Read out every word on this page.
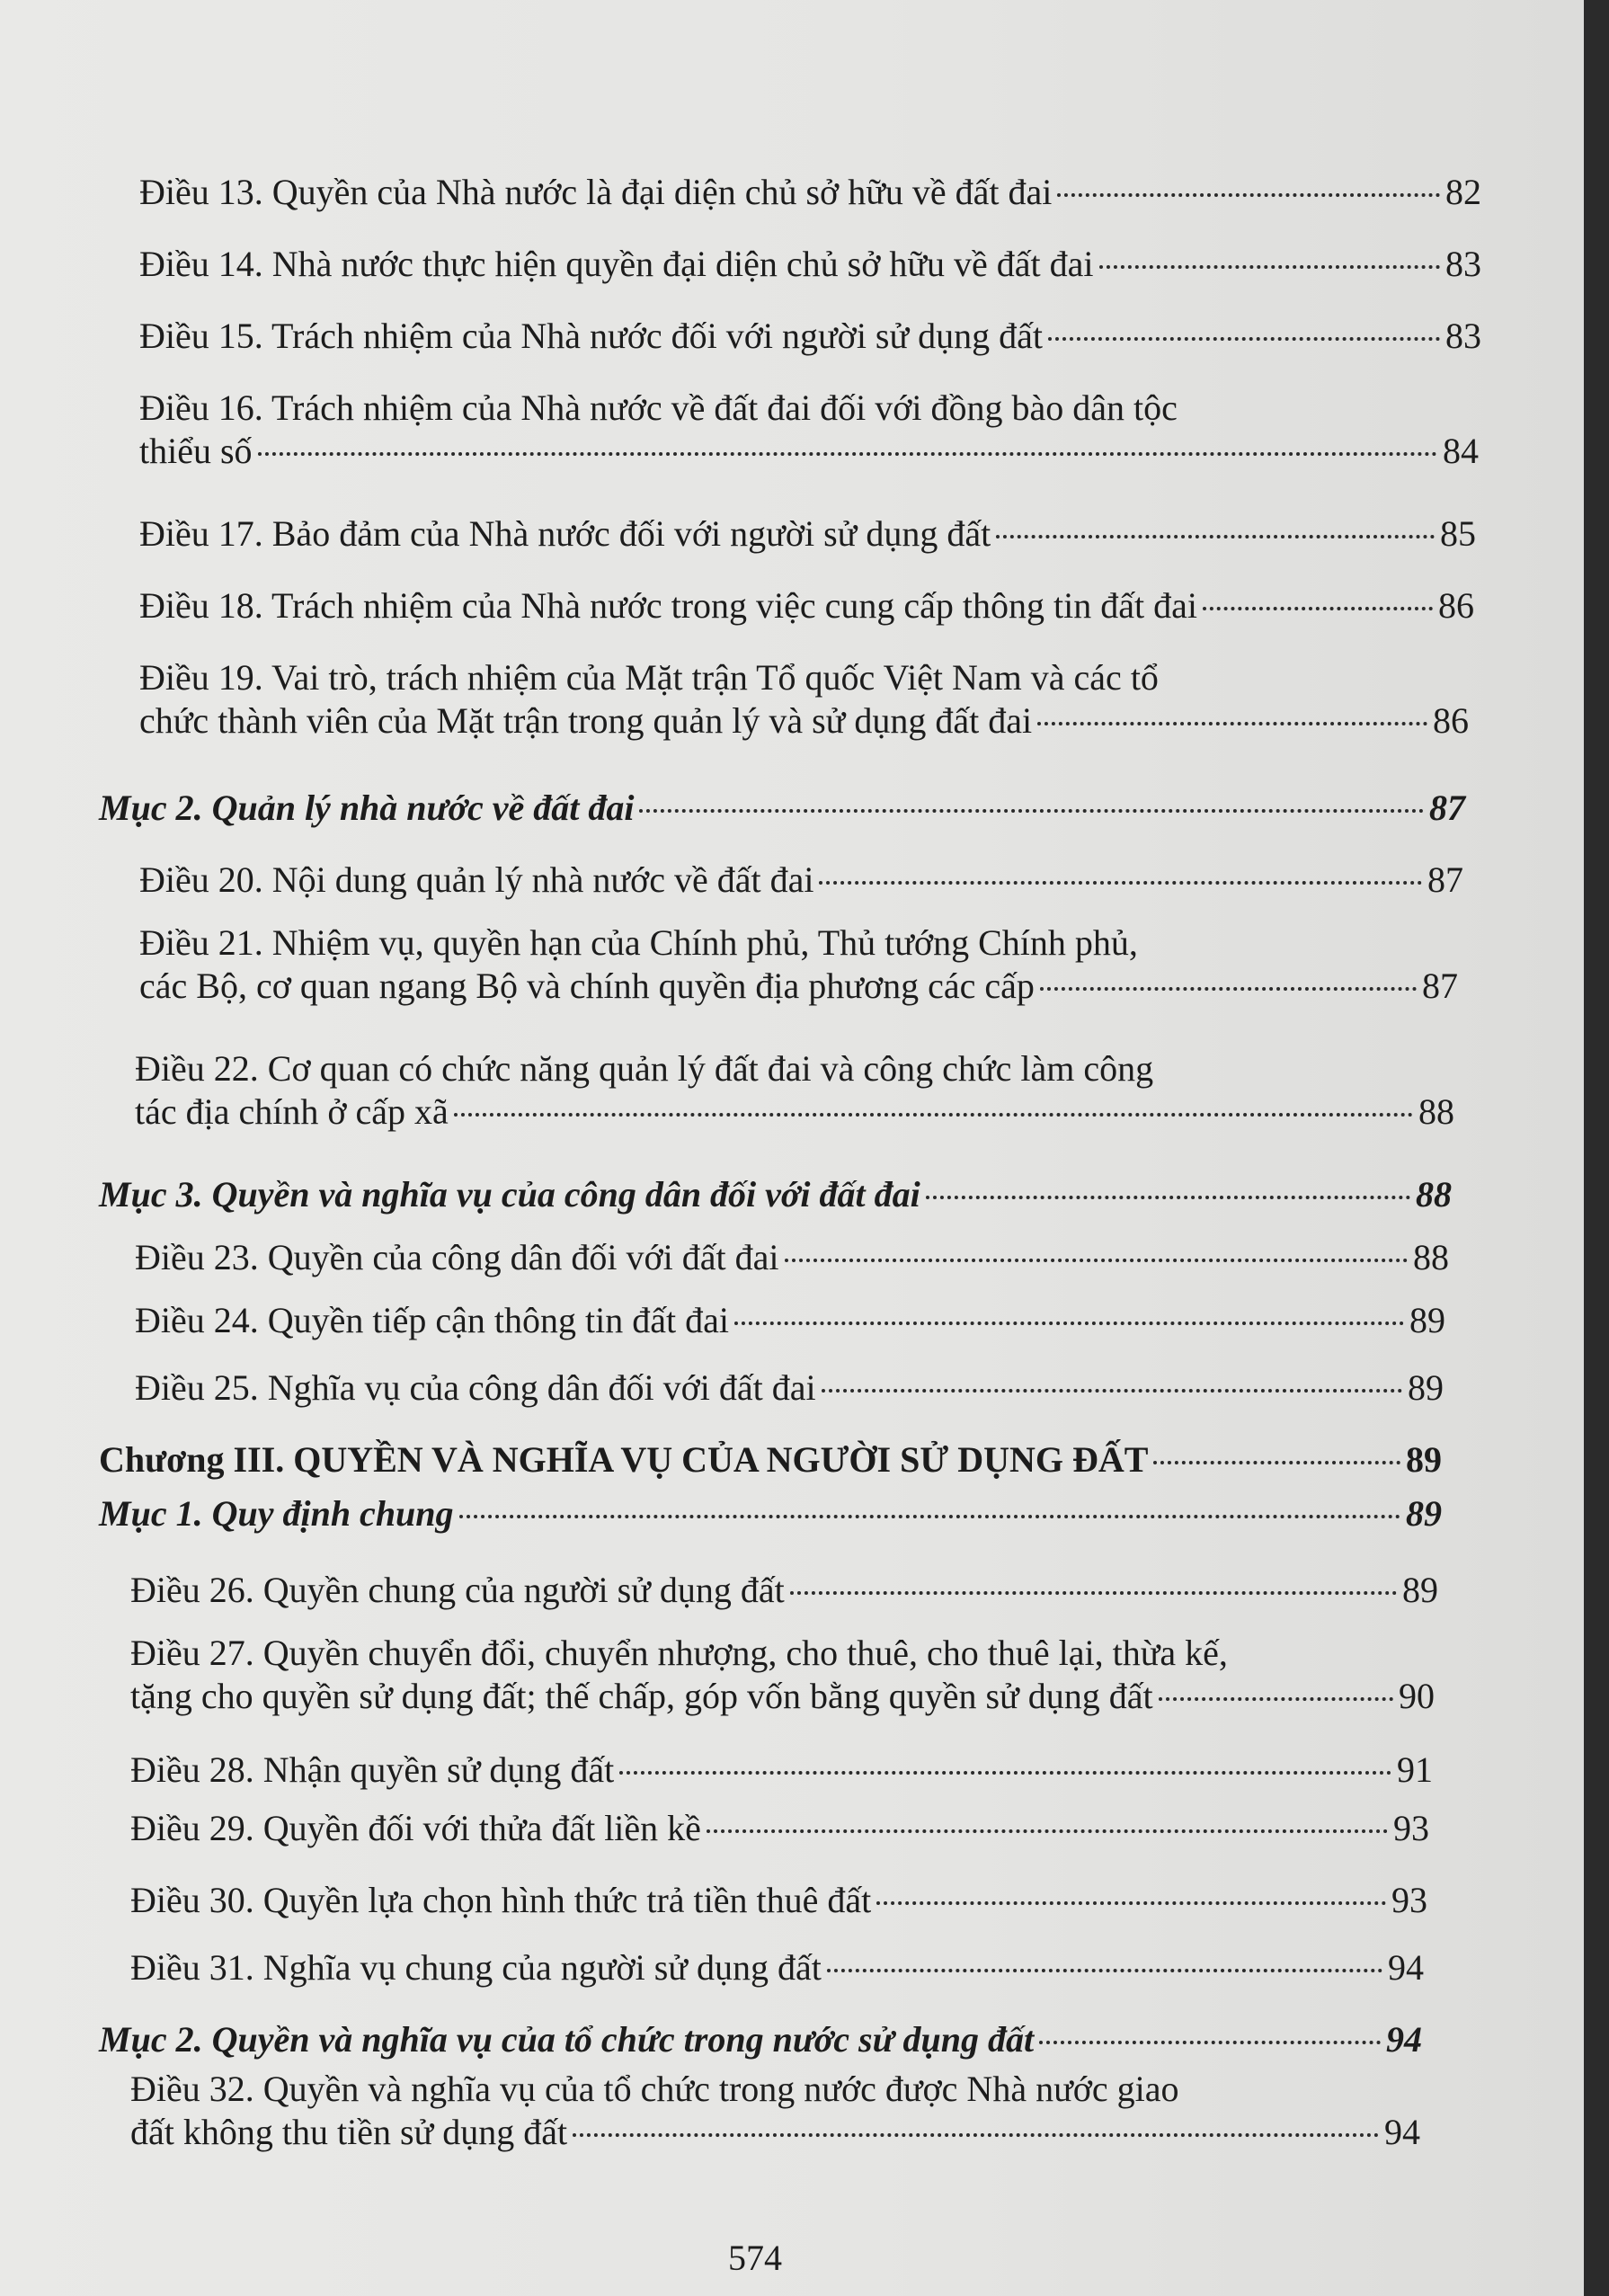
Điều 13. Quyền của Nhà nước là đại diện chủ sở hữu về đất đai	82
Điều 14. Nhà nước thực hiện quyền đại diện chủ sở hữu về đất đai	83
Điều 15. Trách nhiệm của Nhà nước đối với người sử dụng đất	83
Điều 16. Trách nhiệm của Nhà nước về đất đai đối với đồng bào dân tộc
thiểu số	84
Điều 17. Bảo đảm của Nhà nước đối với người sử dụng đất	85
Điều 18. Trách nhiệm của Nhà nước trong việc cung cấp thông tin đất đai	86
Điều 19. Vai trò, trách nhiệm của Mặt trận Tổ quốc Việt Nam và các tổ
chức thành viên của Mặt trận trong quản lý và sử dụng đất đai	86
Mục 2. Quản lý nhà nước về đất đai	87
Điều 20. Nội dung quản lý nhà nước về đất đai	87
Điều 21. Nhiệm vụ, quyền hạn của Chính phủ, Thủ tướng Chính phủ,
các Bộ, cơ quan ngang Bộ và chính quyền địa phương các cấp	87
Điều 22. Cơ quan có chức năng quản lý đất đai và công chức làm công
tác địa chính ở cấp xã	88
Mục 3. Quyền và nghĩa vụ của công dân đối với đất đai	88
Điều 23. Quyền của công dân đối với đất đai	88
Điều 24. Quyền tiếp cận thông tin đất đai	89
Điều 25. Nghĩa vụ của công dân đối với đất đai	89
Chương III. QUYỀN VÀ NGHĨA VỤ CỦA NGƯỜI SỬ DỤNG ĐẤT	89
Mục 1. Quy định chung	89
Điều 26. Quyền chung của người sử dụng đất	89
Điều 27. Quyền chuyển đổi, chuyển nhượng, cho thuê, cho thuê lại, thừa kế,
tặng cho quyền sử dụng đất; thế chấp, góp vốn bằng quyền sử dụng đất	90
Điều 28. Nhận quyền sử dụng đất	91
Điều 29. Quyền đối với thửa đất liền kề	93
Điều 30. Quyền lựa chọn hình thức trả tiền thuê đất	93
Điều 31. Nghĩa vụ chung của người sử dụng đất	94
Mục 2. Quyền và nghĩa vụ của tổ chức trong nước sử dụng đất	94
Điều 32. Quyền và nghĩa vụ của tổ chức trong nước được Nhà nước giao
đất không thu tiền sử dụng đất	94
574
